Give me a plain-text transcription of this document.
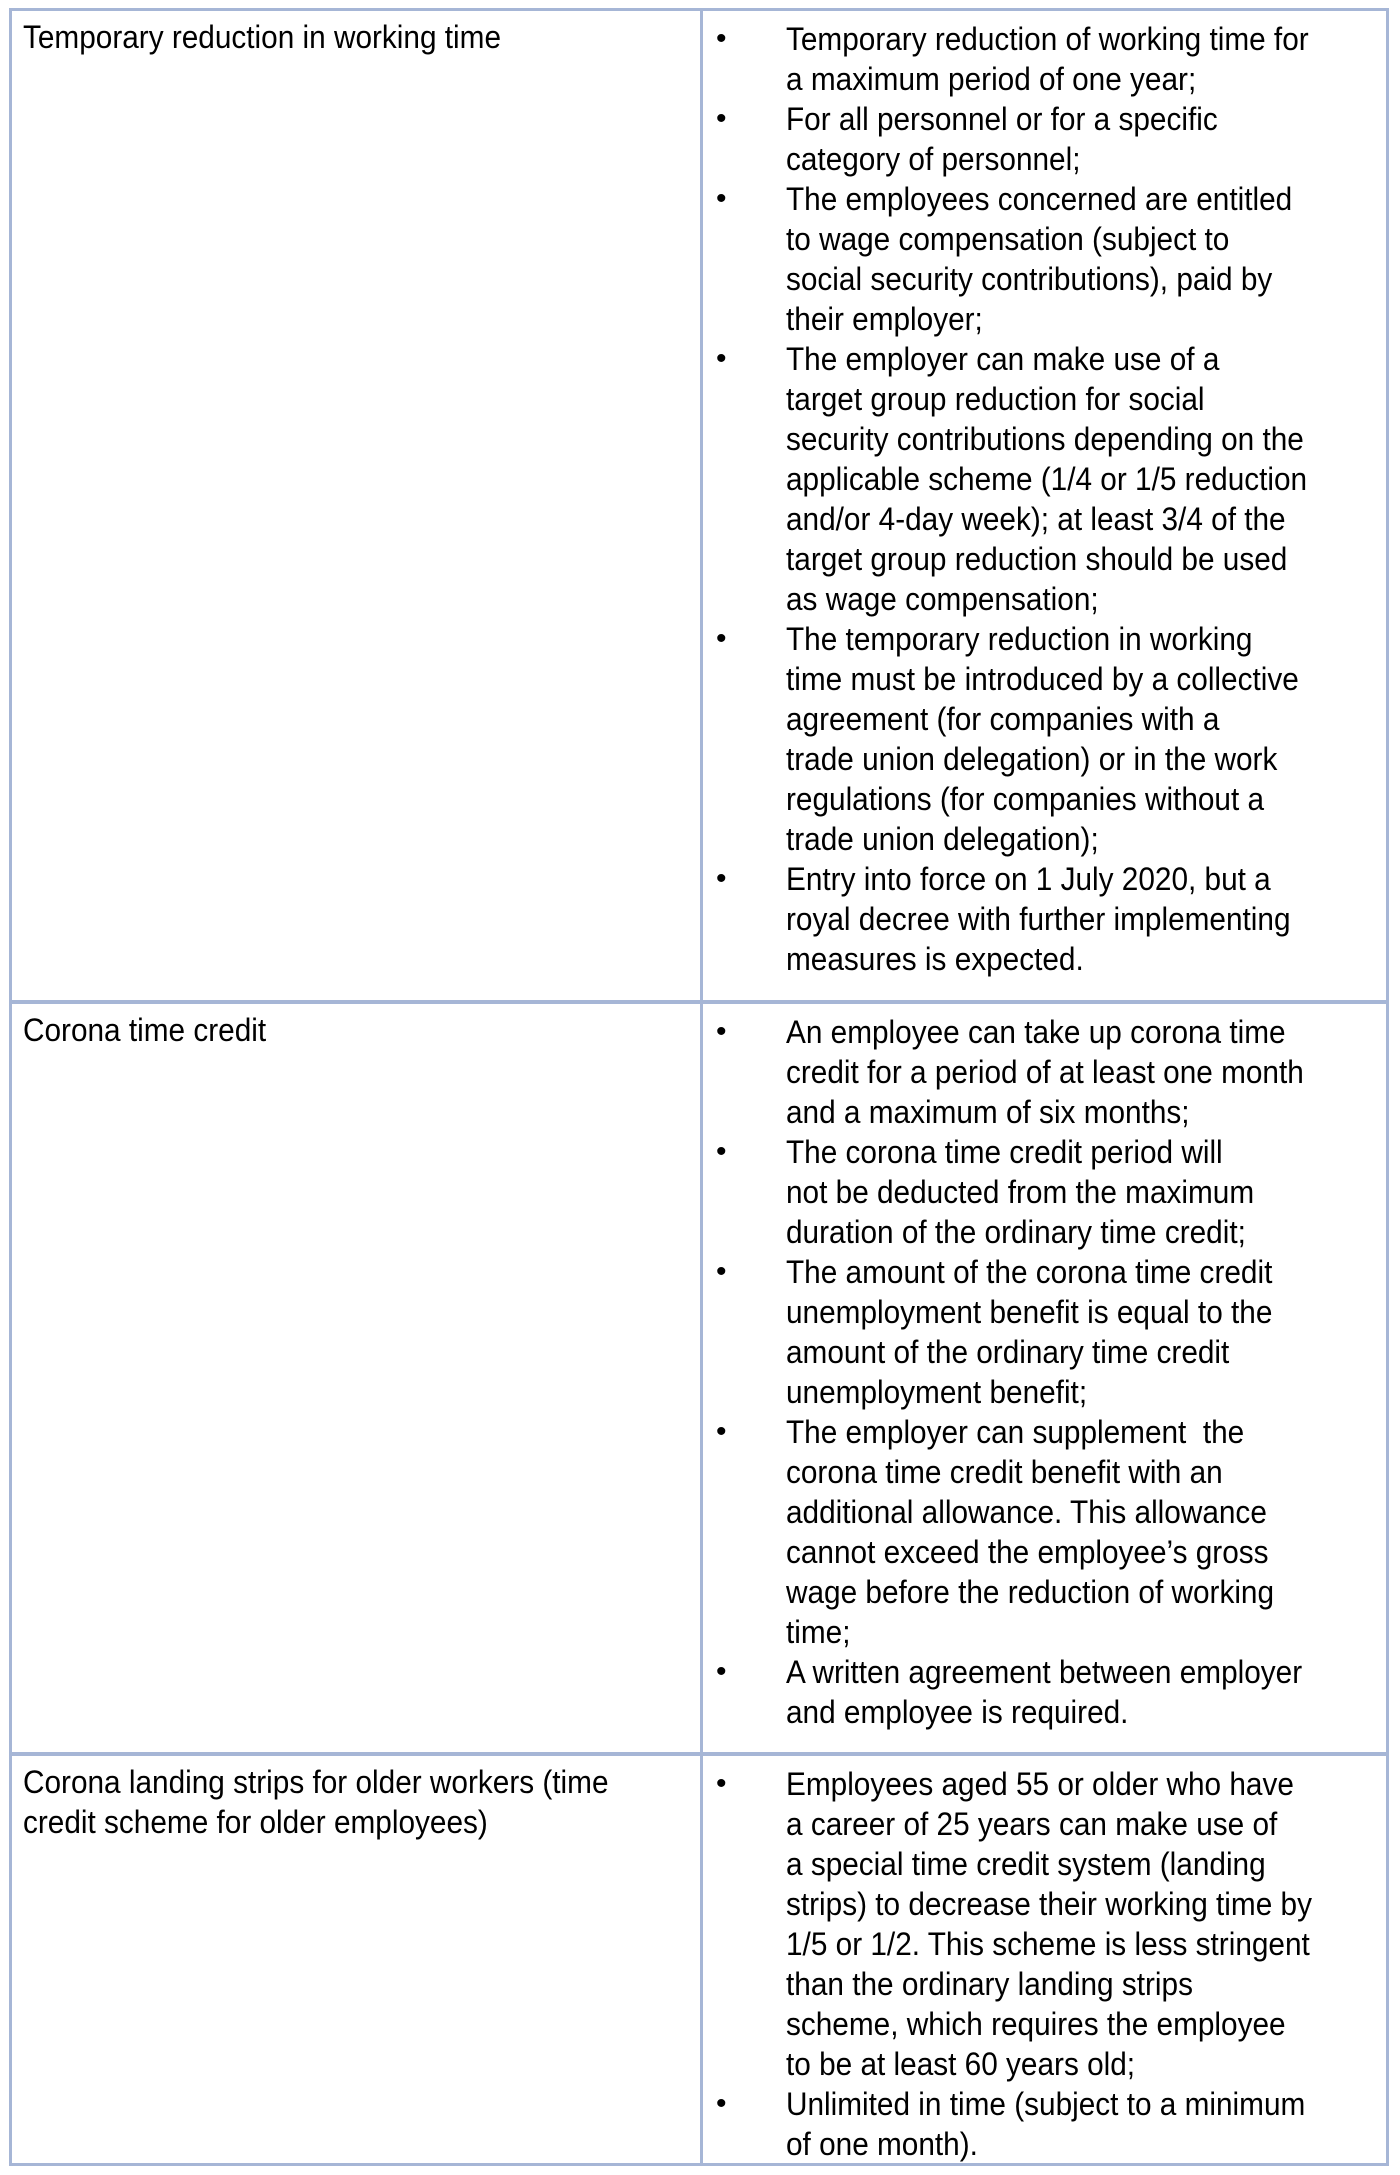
Temporary reduction in working time	• Temporary reduction of working time for
a maximum period of one year;
• For all personnel or for a specific
category of personnel;
• The employees concerned are entitled
to wage compensation (subject to
social security contributions), paid by
their employer;
• The employer can make use of a
target group reduction for social
security contributions depending on the
applicable scheme (1/4 or 1/5 reduction
and/or 4-day week); at least 3/4 of the
target group reduction should be used
as wage compensation;
• The temporary reduction in working
time must be introduced by a collective
agreement (for companies with a
trade union delegation) or in the work
regulations (for companies without a
trade union delegation);
• Entry into force on 1 July 2020, but a
royal decree with further implementing
measures is expected.
Corona time credit	• An employee can take up corona time
credit for a period of at least one month
and a maximum of six months;
• The corona time credit period will
not be deducted from the maximum
duration of the ordinary time credit;
• The amount of the corona time credit
unemployment benefit is equal to the
amount of the ordinary time credit
unemployment benefit;
• The employer can supplement  the
corona time credit benefit with an
additional allowance. This allowance
cannot exceed the employee’s gross
wage before the reduction of working
time;
• A written agreement between employer
and employee is required.
Corona landing strips for older workers (time
credit scheme for older employees)
• Employees aged 55 or older who have
a career of 25 years can make use of
a special time credit system (landing
strips) to decrease their working time by
1/5 or 1/2. This scheme is less stringent
than the ordinary landing strips
scheme, which requires the employee
to be at least 60 years old;
• Unlimited in time (subject to a minimum
of one month).
